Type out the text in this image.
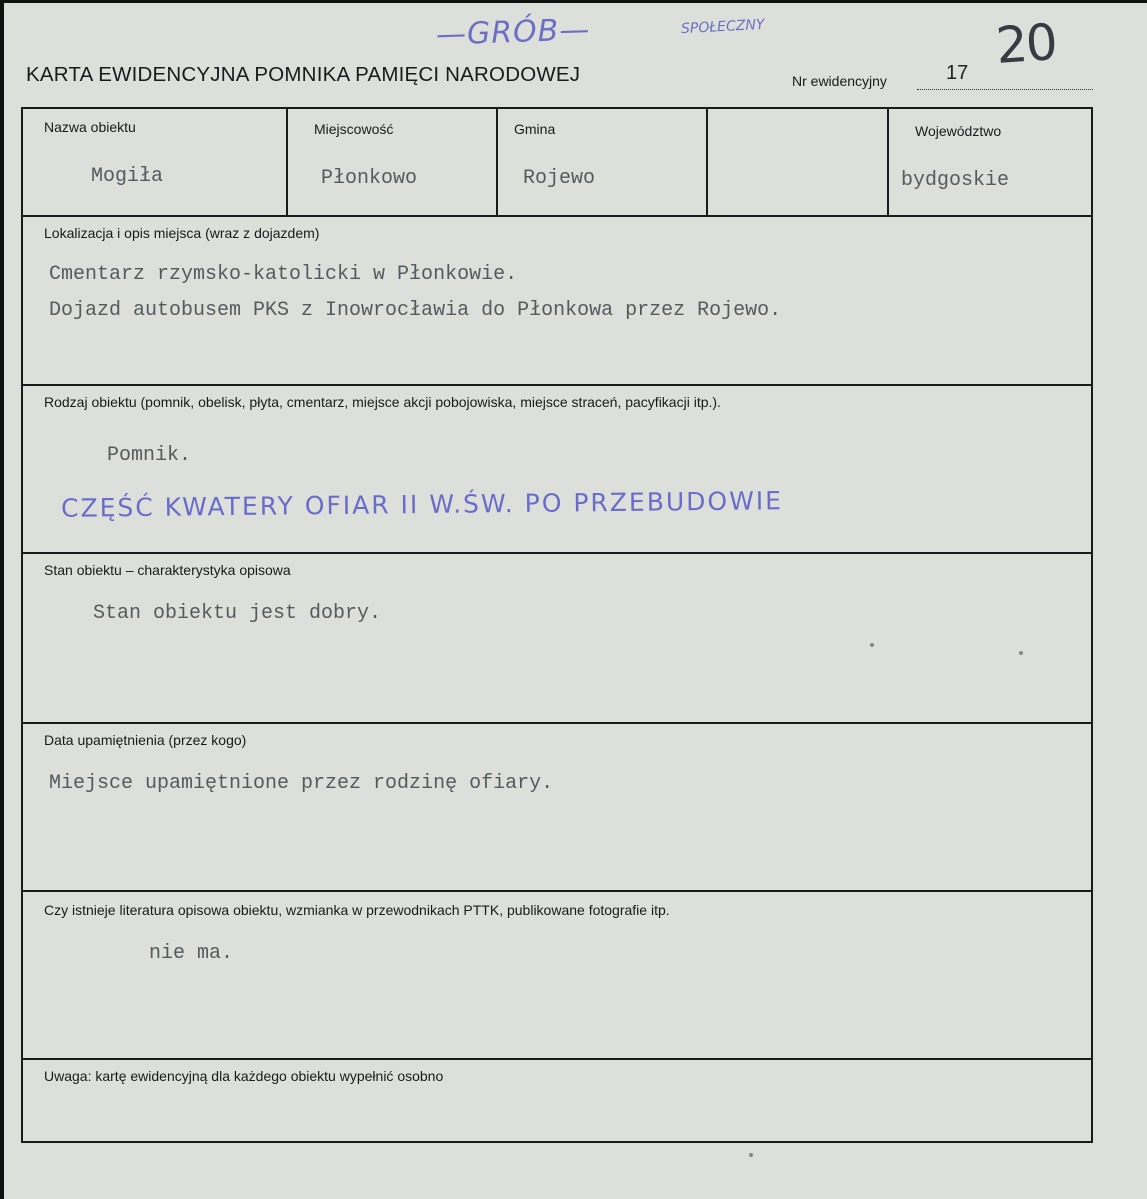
—GRÓB—	SPOŁECZNY	20
KARTA EWIDENCYJNA POMNIKA PAMIĘCI NARODOWEJ	Nr ewidencyjny	17
Nazwa obiektu
Mogiła
Miejscowość
Płonkowo
Gmina
Rojewo
Województwo
bydgoskie
Lokalizacja i opis miejsca (wraz z dojazdem)
Cmentarz rzymsko-katolicki w Płonkowie.
Dojazd autobusem PKS z Inowrocławia do Płonkowa przez Rojewo.
Rodzaj obiektu (pomnik, obelisk, płyta, cmentarz, miejsce akcji pobojowiska, miejsce straceń, pacyfikacji itp.).
Pomnik.
CZĘŚĆ KWATERY OFIAR II W.ŚW. PO PRZEBUDOWIE
Stan obiektu – charakterystyka opisowa
Stan obiektu jest dobry.
Data upamiętnienia (przez kogo)
Miejsce upamiętnione przez rodzinę ofiary.
Czy istnieje literatura opisowa obiektu, wzmianka w przewodnikach PTTK, publikowane fotografie itp.
nie ma.
Uwaga: kartę ewidencyjną dla każdego obiektu wypełnić osobno
